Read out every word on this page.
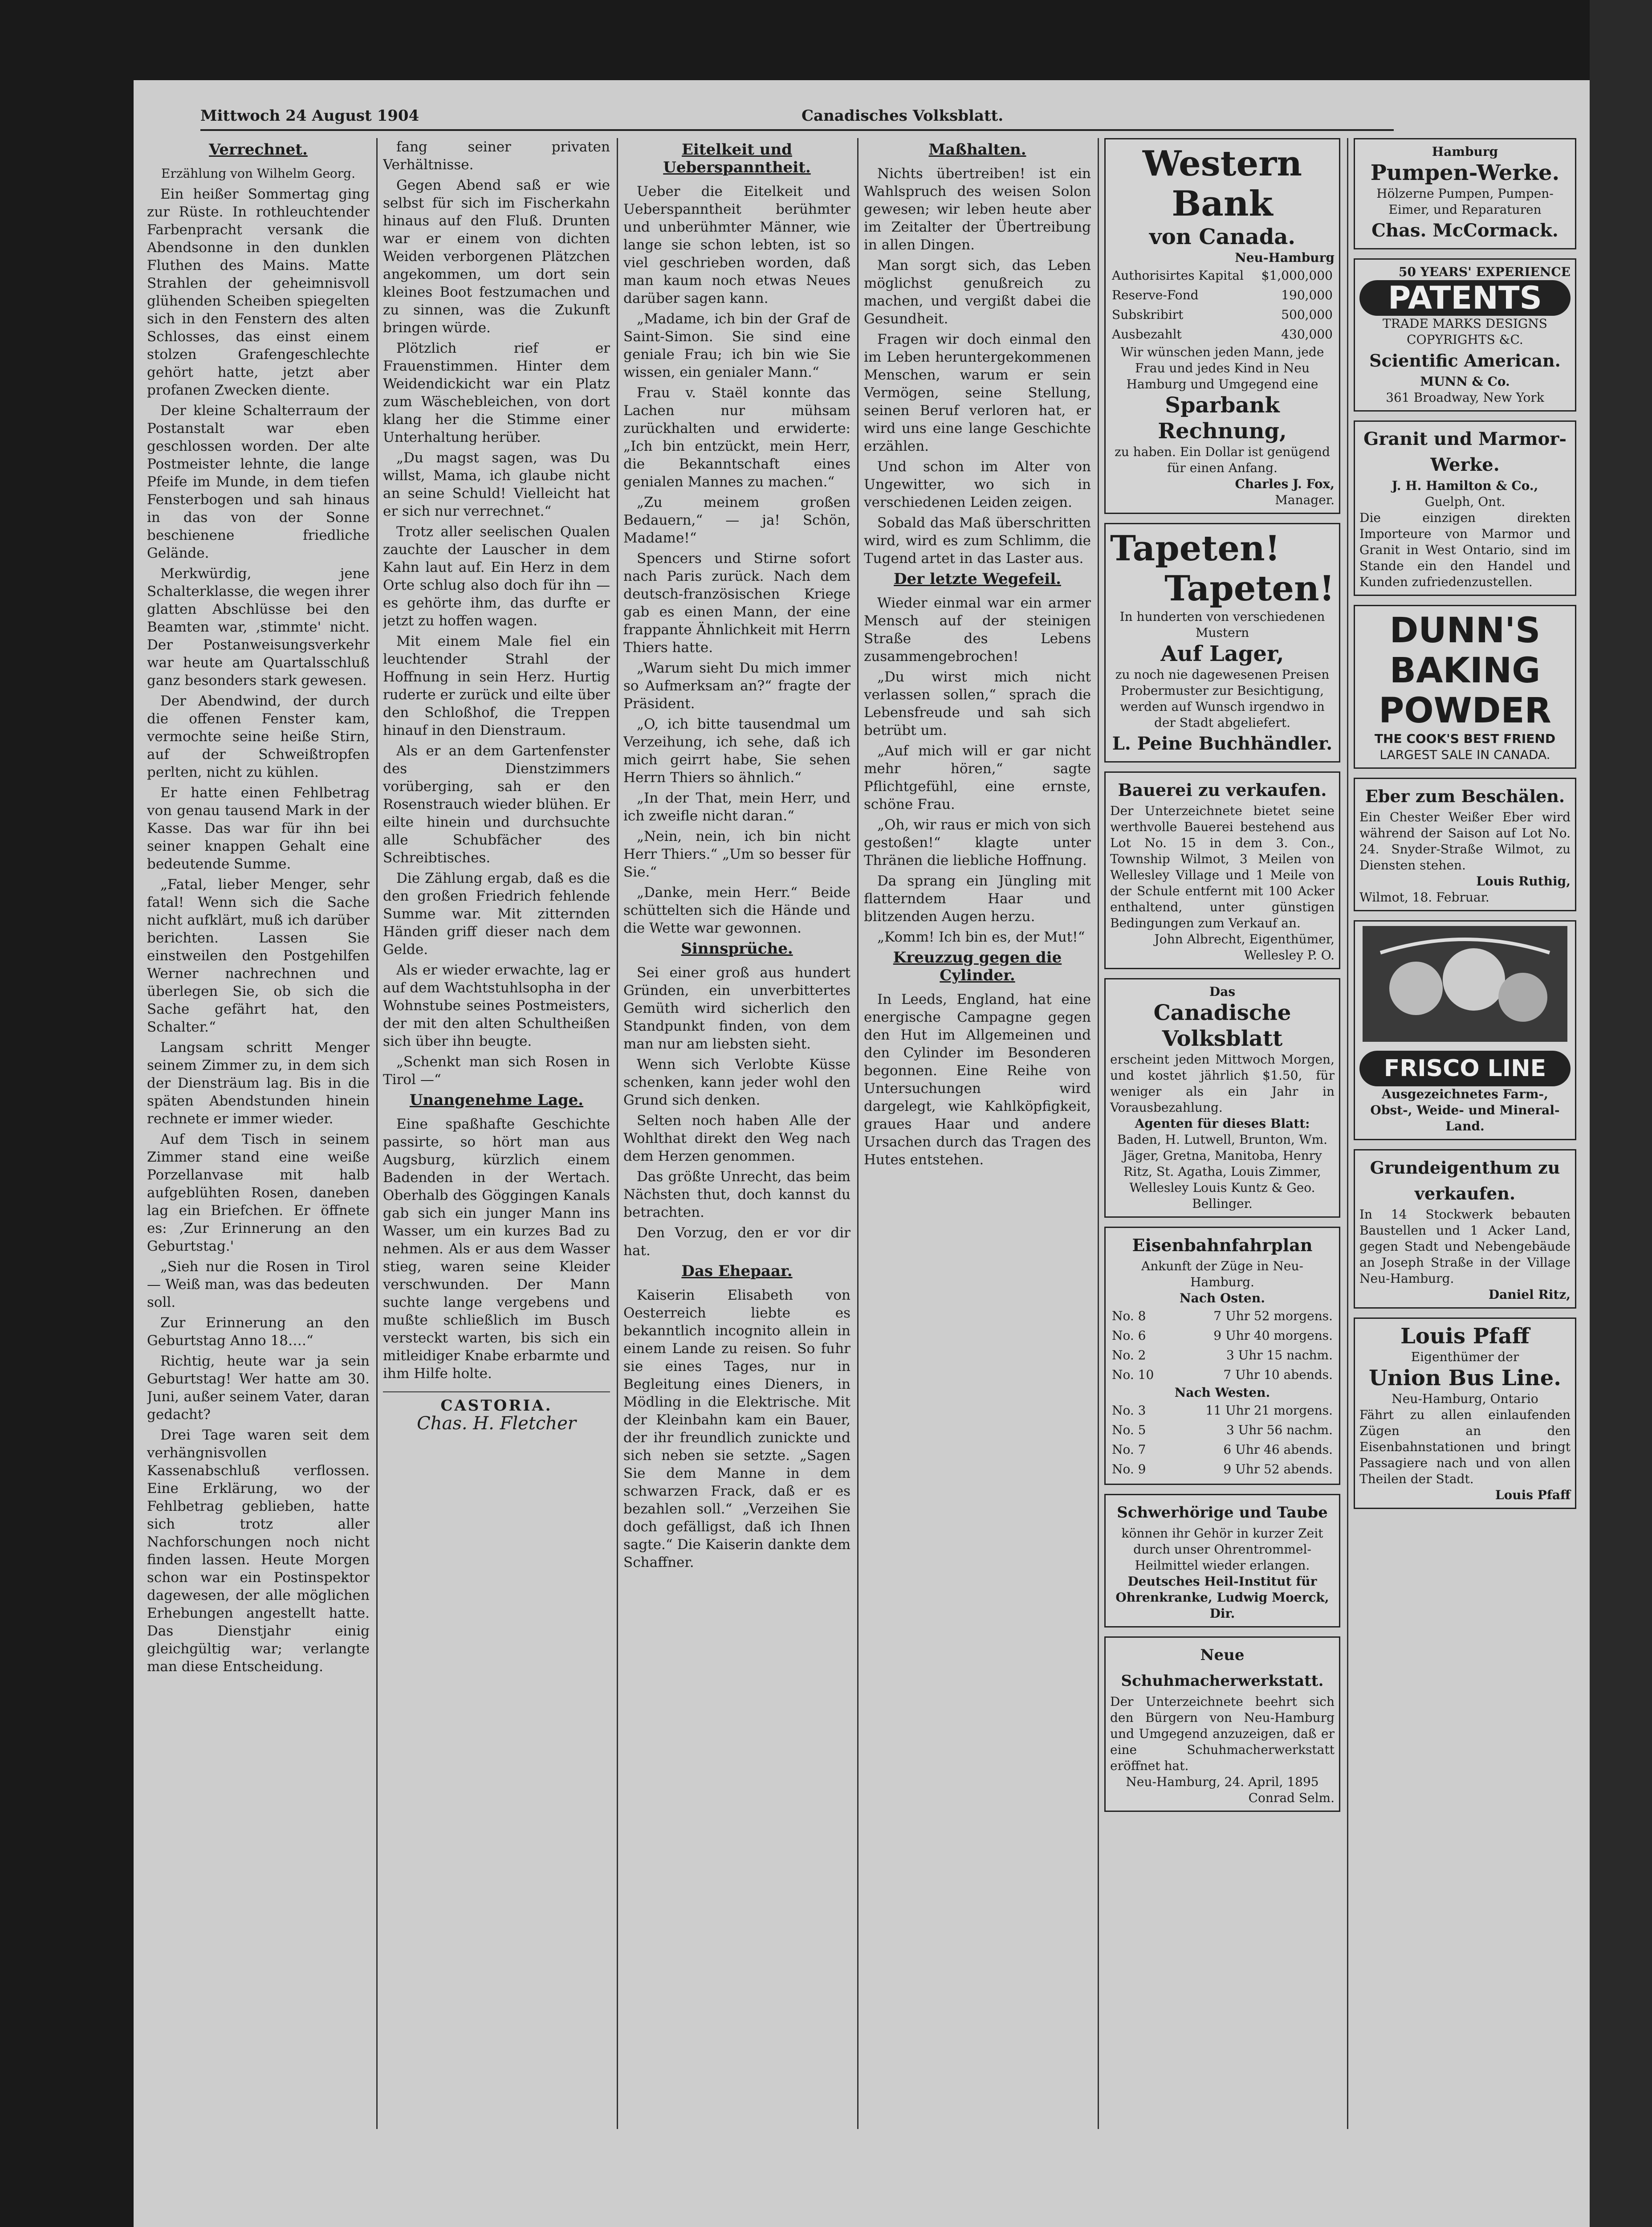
Mittwoch 24 August 1904	Canadisches Volksblatt.
Verrechnet.

Erzählung von Wilhelm Georg.

Ein heißer Sommertag ging zur Rüste. In rothleuchtender Farbenpracht versank die Abendsonne in den dunklen Fluthen des Mains. Matte Strahlen der geheimnisvoll glühenden Scheiben spiegelten sich in den Fenstern des alten Schlosses, das einst einem stolzen Grafengeschlechte gehört hatte, jetzt aber profanen Zwecken diente.

Der kleine Schalterraum der Postanstalt war eben geschlossen worden. Der alte Postmeister lehnte, die lange Pfeife im Munde, in dem tiefen Fensterbogen und sah hinaus in das von der Sonne beschienene friedliche Gelände.

Merkwürdig, jene Schalterklasse, die wegen ihrer glatten Abschlüsse bei den Beamten war, ,stimmte' nicht. Der Postanweisungsverkehr war heute am Quartalsschluß ganz besonders stark gewesen.

Der Abendwind, der durch die offenen Fenster kam, vermochte seine heiße Stirn, auf der Schweißtropfen perlten, nicht zu kühlen.

Er hatte einen Fehlbetrag von genau tausend Mark in der Kasse. Das war für ihn bei seiner knappen Gehalt eine bedeutende Summe.

„Fatal, lieber Menger, sehr fatal! Wenn sich die Sache nicht aufklärt, muß ich darüber berichten. Lassen Sie einstweilen den Postgehilfen Werner nachrechnen und überlegen Sie, ob sich die Sache gefährt hat, den Schalter.“

Langsam schritt Menger seinem Zimmer zu, in dem sich der Diensträum lag. Bis in die späten Abendstunden hinein rechnete er immer wieder.

Auf dem Tisch in seinem Zimmer stand eine weiße Porzellanvase mit halb aufgeblühten Rosen, daneben lag ein Briefchen. Er öffnete es: ,Zur Erinnerung an den Geburtstag.'

„Sieh nur die Rosen in Tirol — Weiß man, was das bedeuten soll.

Zur Erinnerung an den Geburtstag Anno 18….“

Richtig, heute war ja sein Geburtstag! Wer hatte am 30. Juni, außer seinem Vater, daran gedacht?

Drei Tage waren seit dem verhängnisvollen Kassenabschluß verflossen. Eine Erklärung, wo der Fehlbetrag geblieben, hatte sich trotz aller Nachforschungen noch nicht finden lassen. Heute Morgen schon war ein Postinspektor dagewesen, der alle möglichen Erhebungen angestellt hatte. Das Dienstjahr einig gleichgültig war; verlangte man diese Entscheidung.

fang seiner privaten Verhältnisse.

Gegen Abend saß er wie selbst für sich im Fischerkahn hinaus auf den Fluß. Drunten war er einem von dichten Weiden verborgenen Plätzchen angekommen, um dort sein kleines Boot festzumachen und zu sinnen, was die Zukunft bringen würde.

Plötzlich rief er Frauenstimmen. Hinter dem Weidendickicht war ein Platz zum Wäschebleichen, von dort klang her die Stimme einer Unterhaltung herüber.

„Du magst sagen, was Du willst, Mama, ich glaube nicht an seine Schuld! Vielleicht hat er sich nur verrechnet.“

Trotz aller seelischen Qualen zauchte der Lauscher in dem Kahn laut auf. Ein Herz in dem Orte schlug also doch für ihn — es gehörte ihm, das durfte er jetzt zu hoffen wagen.

Mit einem Male fiel ein leuchtender Strahl der Hoffnung in sein Herz. Hurtig ruderte er zurück und eilte über den Schloßhof, die Treppen hinauf in den Dienstraum.

Als er an dem Gartenfenster des Dienstzimmers vorüberging, sah er den Rosenstrauch wieder blühen. Er eilte hinein und durchsuchte alle Schubfächer des Schreibtisches.

Die Zählung ergab, daß es die den großen Friedrich fehlende Summe war. Mit zitternden Händen griff dieser nach dem Gelde.

Als er wieder erwachte, lag er auf dem Wachtstuhlsopha in der Wohnstube seines Postmeisters, der mit den alten Schultheißen sich über ihn beugte.

„Schenkt man sich Rosen in Tirol —“

Unangenehme Lage.

Eine spaßhafte Geschichte passirte, so hört man aus Augsburg, kürzlich einem Badenden in der Wertach. Oberhalb des Göggingen Kanals gab sich ein junger Mann ins Wasser, um ein kurzes Bad zu nehmen. Als er aus dem Wasser stieg, waren seine Kleider verschwunden. Der Mann suchte lange vergebens und mußte schließlich im Busch versteckt warten, bis sich ein mitleidiger Knabe erbarmte und ihm Hilfe holte.

CASTORIA.
Chas. H. Fletcher
Eitelkeit und Ueberspanntheit.

Ueber die Eitelkeit und Ueberspanntheit berühmter und unberühmter Männer, wie lange sie schon lebten, ist so viel geschrieben worden, daß man kaum noch etwas Neues darüber sagen kann.

„Madame, ich bin der Graf de Saint-Simon. Sie sind eine geniale Frau; ich bin wie Sie wissen, ein genialer Mann.“

Frau v. Staël konnte das Lachen nur mühsam zurückhalten und erwiderte: „Ich bin entzückt, mein Herr, die Bekanntschaft eines genialen Mannes zu machen.“

„Zu meinem großen Bedauern,“ — ja! Schön, Madame!“

Spencers und Stirne sofort nach Paris zurück. Nach dem deutsch-französischen Kriege gab es einen Mann, der eine frappante Ähnlichkeit mit Herrn Thiers hatte.

„Warum sieht Du mich immer so Aufmerksam an?“ fragte der Präsident.

„O, ich bitte tausendmal um Verzeihung, ich sehe, daß ich mich geirrt habe, Sie sehen Herrn Thiers so ähnlich.“

„In der That, mein Herr, und ich zweifle nicht daran.“

„Nein, nein, ich bin nicht Herr Thiers.“ „Um so besser für Sie.“

„Danke, mein Herr.“ Beide schüttelten sich die Hände und die Wette war gewonnen.

Sinnsprüche.

Sei einer groß aus hundert Gründen, ein unverbittertes Gemüth wird sicherlich den Standpunkt finden, von dem man nur am liebsten sieht.

Wenn sich Verlobte Küsse schenken, kann jeder wohl den Grund sich denken.

Selten noch haben Alle der Wohlthat direkt den Weg nach dem Herzen genommen.

Das größte Unrecht, das beim Nächsten thut, doch kannst du betrachten.

Den Vorzug, den er vor dir hat.

Das Ehepaar.

Kaiserin Elisabeth von Oesterreich liebte es bekanntlich incognito allein in einem Lande zu reisen. So fuhr sie eines Tages, nur in Begleitung eines Dieners, in Mödling in die Elektrische. Mit der Kleinbahn kam ein Bauer, der ihr freundlich zunickte und sich neben sie setzte. „Sagen Sie dem Manne in dem schwarzen Frack, daß er es bezahlen soll.“ „Verzeihen Sie doch gefälligst, daß ich Ihnen sagte.“ Die Kaiserin dankte dem Schaffner.

Maßhalten.

Nichts übertreiben! ist ein Wahlspruch des weisen Solon gewesen; wir leben heute aber im Zeitalter der Übertreibung in allen Dingen.

Man sorgt sich, das Leben möglichst genußreich zu machen, und vergißt dabei die Gesundheit.

Fragen wir doch einmal den im Leben heruntergekommenen Menschen, warum er sein Vermögen, seine Stellung, seinen Beruf verloren hat, er wird uns eine lange Geschichte erzählen.

Und schon im Alter von Ungewitter, wo sich in verschiedenen Leiden zeigen.

Sobald das Maß überschritten wird, wird es zum Schlimm, die Tugend artet in das Laster aus.

Der letzte Wegefeil.

Wieder einmal war ein armer Mensch auf der steinigen Straße des Lebens zusammengebrochen!

„Du wirst mich nicht verlassen sollen,“ sprach die Lebensfreude und sah sich betrübt um.

„Auf mich will er gar nicht mehr hören,“ sagte Pflichtgefühl, eine ernste, schöne Frau.

„Oh, wir raus er mich von sich gestoßen!“ klagte unter Thränen die liebliche Hoffnung.

Da sprang ein Jüngling mit flatterndem Haar und blitzenden Augen herzu.

„Komm! Ich bin es, der Mut!“

Kreuzzug gegen die Cylinder.

In Leeds, England, hat eine energische Campagne gegen den Hut im Allgemeinen und den Cylinder im Besonderen begonnen. Eine Reihe von Untersuchungen wird dargelegt, wie Kahlköpfigkeit, graues Haar und andere Ursachen durch das Tragen des Hutes entstehen.

Western Bank
von Canada.
Neu-Hamburg
Authorisirtes Kapital	$1,000,000
Reserve-Fond	190,000
Subskribirt	500,000
Ausbezahlt	430,000
Wir wünschen jeden Mann, jede Frau und jedes Kind in Neu Hamburg und Umgegend eine
Sparbank Rechnung,
zu haben. Ein Dollar ist genügend für einen Anfang.
Charles J. Fox,
Manager.
Tapeten!
Tapeten!
In hunderten von verschiedenen Mustern
Auf Lager,
zu noch nie dagewesenen Preisen Probermuster zur Besichtigung, werden auf Wunsch irgendwo in der Stadt abgeliefert.
L. Peine Buchhändler.
Bauerei zu verkaufen.
Der Unterzeichnete bietet seine werthvolle Bauerei bestehend aus Lot No. 15 in dem 3. Con., Township Wilmot, 3 Meilen von Wellesley Village und 1 Meile von der Schule entfernt mit 100 Acker enthaltend, unter günstigen Bedingungen zum Verkauf an.
John Albrecht, Eigenthümer, Wellesley P. O.
Das
Canadische Volksblatt
erscheint jeden Mittwoch Morgen, und kostet jährlich $1.50, für weniger als ein Jahr in Vorausbezahlung.
Agenten für dieses Blatt:
Baden, H. Lutwell, Brunton, Wm. Jäger, Gretna, Manitoba, Henry Ritz, St. Agatha, Louis Zimmer, Wellesley Louis Kuntz & Geo. Bellinger.
Eisenbahnfahrplan
Ankunft der Züge in Neu-Hamburg.
Nach Osten.
No. 8	7 Uhr 52 morgens.
No. 6	9 Uhr 40 morgens.
No. 2	3 Uhr 15 nachm.
No. 10	7 Uhr 10 abends.
Nach Westen.
No. 3	11 Uhr 21 morgens.
No. 5	3 Uhr 56 nachm.
No. 7	6 Uhr 46 abends.
No. 9	9 Uhr 52 abends.
Schwerhörige und Taube
können ihr Gehör in kurzer Zeit durch unser Ohrentrommel-Heilmittel wieder erlangen.
Deutsches Heil-Institut für Ohrenkranke, Ludwig Moerck, Dir.
Neue Schuhmacherwerkstatt.
Der Unterzeichnete beehrt sich den Bürgern von Neu-Hamburg und Umgegend anzuzeigen, daß er eine Schuhmacherwerkstatt eröffnet hat.
Neu-Hamburg, 24. April, 1895
Conrad Selm.
Hamburg
Pumpen-Werke.
Hölzerne Pumpen, Pumpen-Eimer, und Reparaturen
Chas. McCormack.
50 YEARS' EXPERIENCE
PATENTS
TRADE MARKS DESIGNS COPYRIGHTS &C.
Scientific American.
MUNN & Co.
361 Broadway, New York
Granit und Marmor-Werke.
J. H. Hamilton & Co.,
Guelph, Ont.
Die einzigen direkten Importeure von Marmor und Granit in West Ontario, sind im Stande ein den Handel und Kunden zufriedenzustellen.
DUNN'S
BAKING
POWDER
THE COOK'S BEST FRIEND
LARGEST SALE IN CANADA.
Eber zum Beschälen.
Ein Chester Weißer Eber wird während der Saison auf Lot No. 24. Snyder-Straße Wilmot, zu Diensten stehen.
Louis Ruthig,
Wilmot, 18. Februar.
FRISCO LINE
Ausgezeichnetes Farm-, Obst-, Weide- und Mineral-Land.
Grundeigenthum zu verkaufen.
In 14 Stockwerk bebauten Baustellen und 1 Acker Land, gegen Stadt und Nebengebäude an Joseph Straße in der Village Neu-Hamburg.
Daniel Ritz,
Louis Pfaff
Eigenthümer der
Union Bus Line.
Neu-Hamburg, Ontario
Fährt zu allen einlaufenden Zügen an den Eisenbahnstationen und bringt Passagiere nach und von allen Theilen der Stadt.
Louis Pfaff
